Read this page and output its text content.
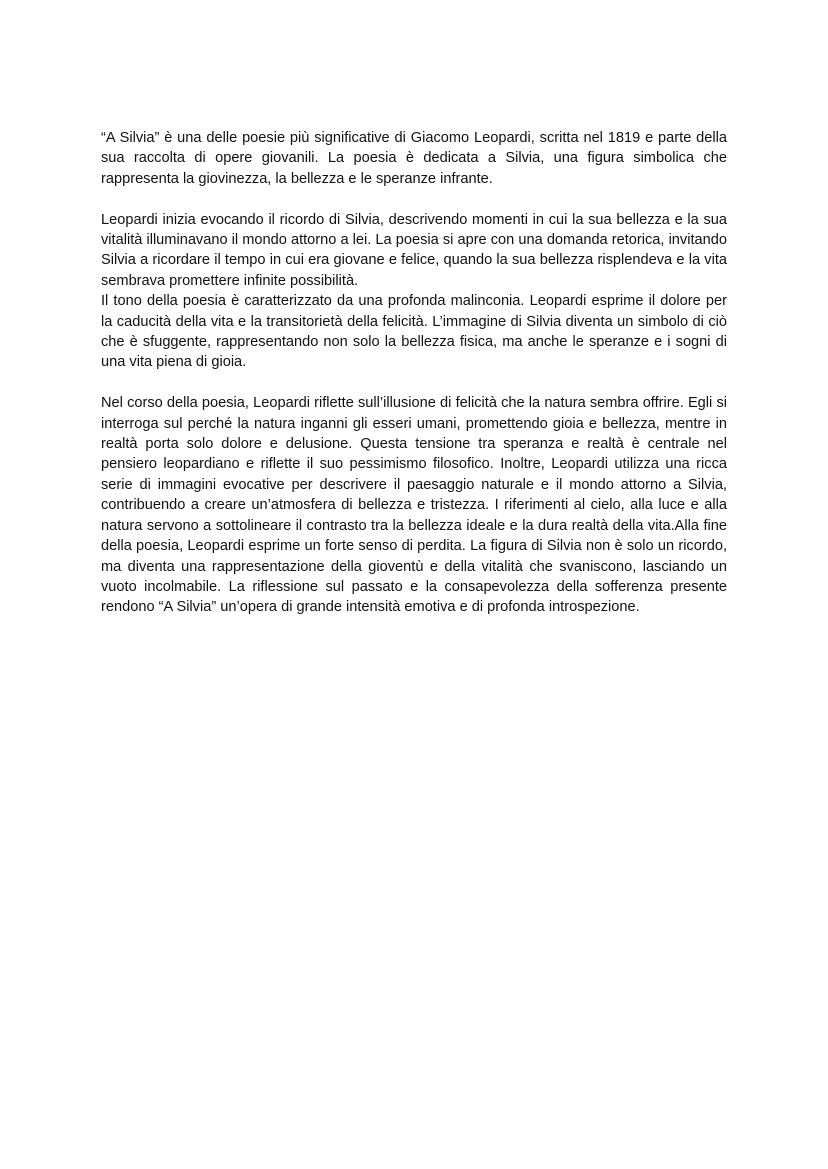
“A Silvia” è una delle poesie più significative di Giacomo Leopardi, scritta nel 1819 e parte della sua raccolta di opere giovanili. La poesia è dedicata a Silvia, una figura simbolica che rappresenta la giovinezza, la bellezza e le speranze infrante.

Leopardi inizia evocando il ricordo di Silvia, descrivendo momenti in cui la sua bellezza e la sua vitalità illuminavano il mondo attorno a lei. La poesia si apre con una domanda retorica, invitando Silvia a ricordare il tempo in cui era giovane e felice, quando la sua bellezza risplendeva e la vita sembrava promettere infinite possibilità.

Il tono della poesia è caratterizzato da una profonda malinconia. Leopardi esprime il dolore per la caducità della vita e la transitorietà della felicità. L’immagine di Silvia diventa un simbolo di ciò che è sfuggente, rappresentando non solo la bellezza fisica, ma anche le speranze e i sogni di una vita piena di gioia.

Nel corso della poesia, Leopardi riflette sull’illusione di felicità che la natura sembra offrire. Egli si interroga sul perché la natura inganni gli esseri umani, promettendo gioia e bellezza, mentre in realtà porta solo dolore e delusione. Questa tensione tra speranza e realtà è centrale nel pensiero leopardiano e riflette il suo pessimismo filosofico. Inoltre, Leopardi utilizza una ricca serie di immagini evocative per descrivere il paesaggio naturale e il mondo attorno a Silvia, contribuendo a creare un’atmosfera di bellezza e tristezza. I riferimenti al cielo, alla luce e alla natura servono a sottolineare il contrasto tra la bellezza ideale e la dura realtà della vita.Alla fine della poesia, Leopardi esprime un forte senso di perdita. La figura di Silvia non è solo un ricordo, ma diventa una rappresentazione della gioventù e della vitalità che svaniscono, lasciando un vuoto incolmabile. La riflessione sul passato e la consapevolezza della sofferenza presente rendono “A Silvia” un’opera di grande intensità emotiva e di profonda introspezione.
